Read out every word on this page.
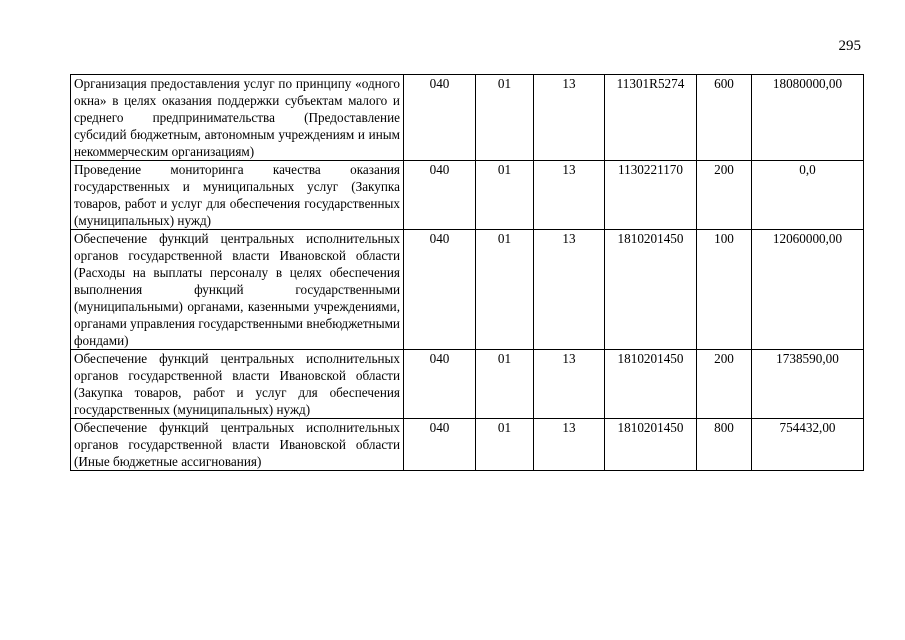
295
Организация предоставления услуг по принципу «одного окна» в целях оказания поддержки субъектам малого и среднего предпринимательства (Предоставление субсидий бюджетным, автономным учреждениям и иным некоммерческим организациям)	040	01	13	11301R5274	600	18080000,00
Проведение мониторинга качества оказания государственных и муниципальных услуг (Закупка товаров, работ и услуг для обеспечения государственных (муниципальных) нужд)	040	01	13	1130221170	200	0,0
Обеспечение функций центральных исполнительных органов государственной власти Ивановской области (Расходы на выплаты персоналу в целях обеспечения выполнения функций государственными (муниципальными) органами, казенными учреждениями, органами управления государственными внебюджетными фондами)	040	01	13	1810201450	100	12060000,00
Обеспечение функций центральных исполнительных органов государственной власти Ивановской области (Закупка товаров, работ и услуг для обеспечения государственных (муниципальных) нужд)	040	01	13	1810201450	200	1738590,00
Обеспечение функций центральных исполнительных органов государственной власти Ивановской области (Иные бюджетные ассигнования)	040	01	13	1810201450	800	754432,00
